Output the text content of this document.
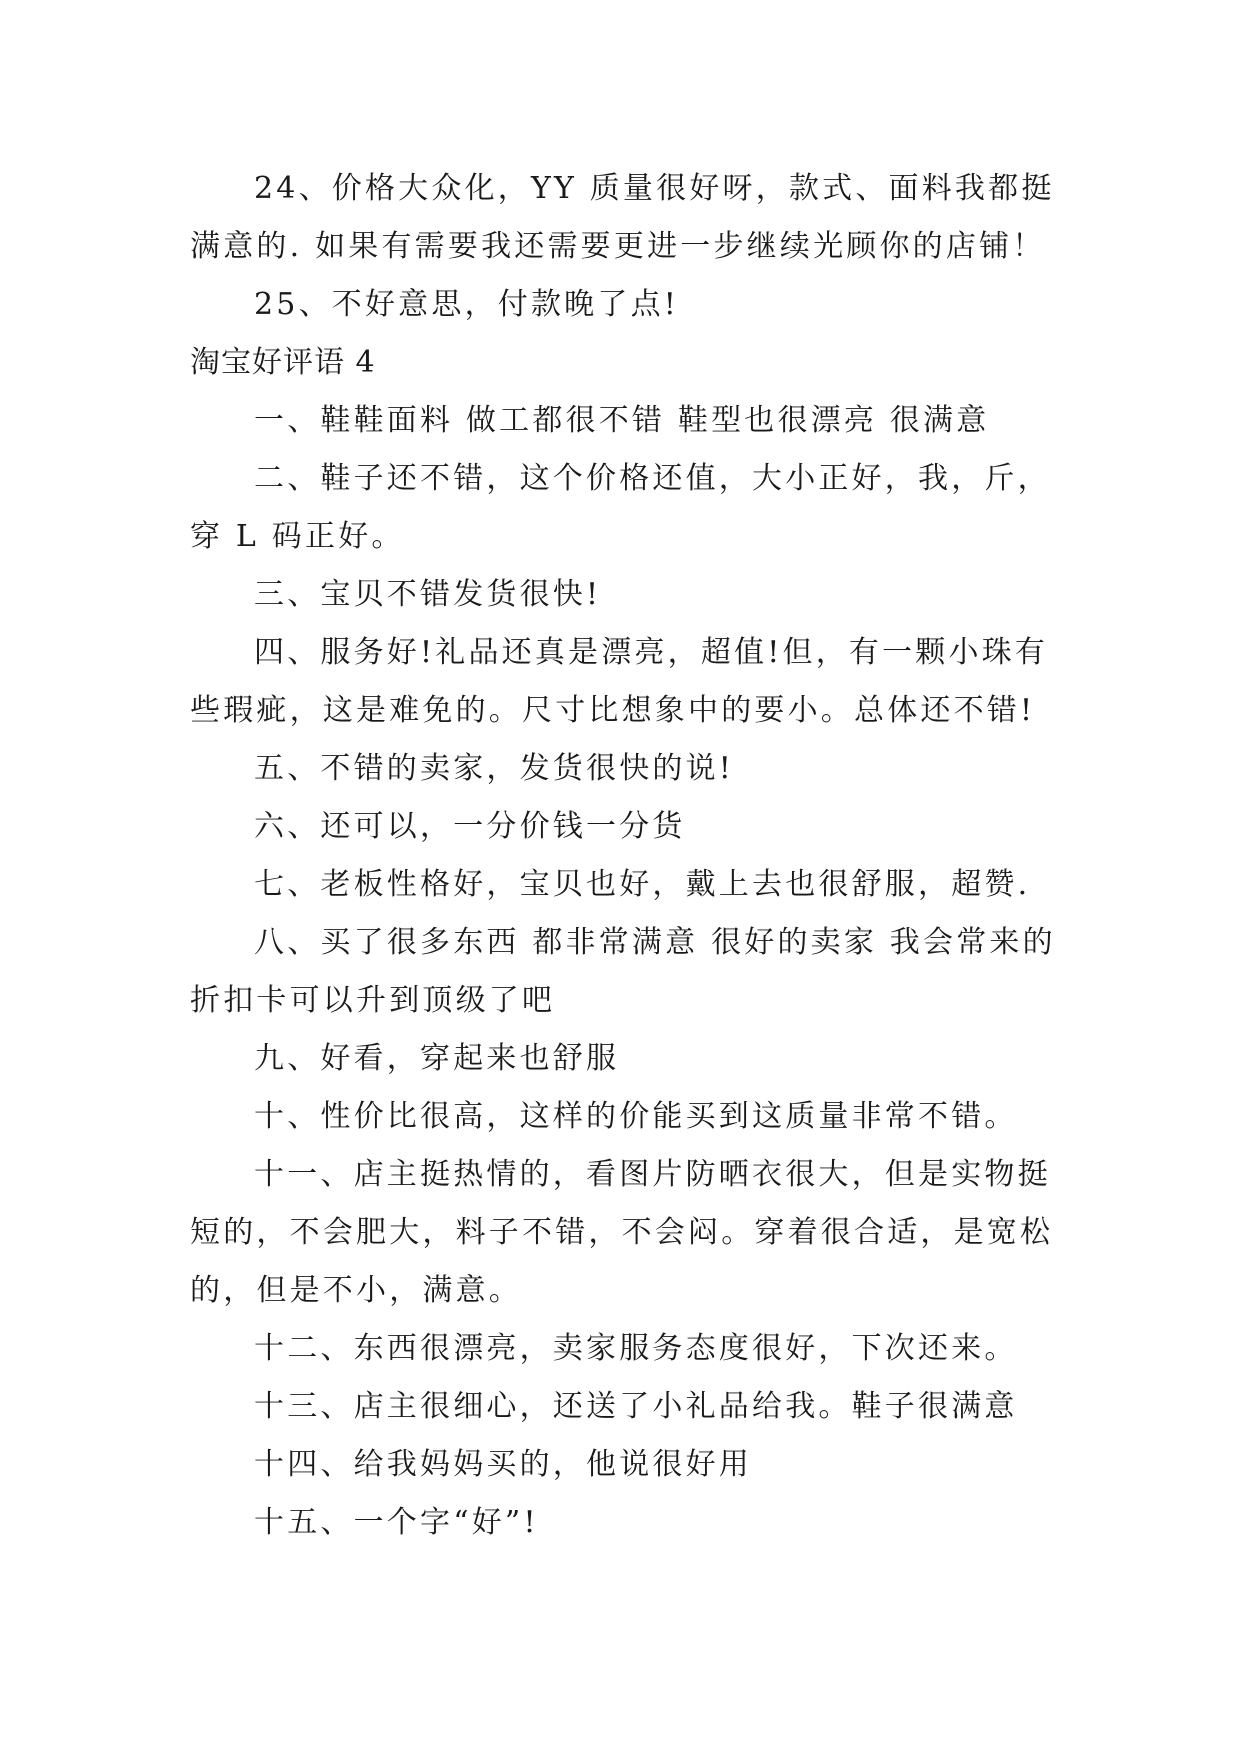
24、价格大众化，YY 质量很好呀，款式、面料我都挺满意的. 如果有需要我还需要更进一步继续光顾你的店铺！

25、不好意思，付款晚了点!

淘宝好评语 4

一、鞋鞋面料 做工都很不错 鞋型也很漂亮 很满意

二、鞋子还不错，这个价格还值，大小正好，我，斤，穿 L 码正好。

三、宝贝不错发货很快!

四、服务好!礼品还真是漂亮，超值!但，有一颗小珠有些瑕疵，这是难免的。尺寸比想象中的要小。总体还不错!

五、不错的卖家，发货很快的说!

六、还可以，一分价钱一分货

七、老板性格好，宝贝也好，戴上去也很舒服，超赞.

八、买了很多东西 都非常满意 很好的卖家 我会常来的 折扣卡可以升到顶级了吧

九、好看，穿起来也舒服

十、性价比很高，这样的价能买到这质量非常不错。

十一、店主挺热情的，看图片防晒衣很大，但是实物挺短的，不会肥大，料子不错，不会闷。穿着很合适，是宽松的，但是不小，满意。

十二、东西很漂亮，卖家服务态度很好，下次还来。

十三、店主很细心，还送了小礼品给我。鞋子很满意

十四、给我妈妈买的，他说很好用

十五、一个字“好”!
